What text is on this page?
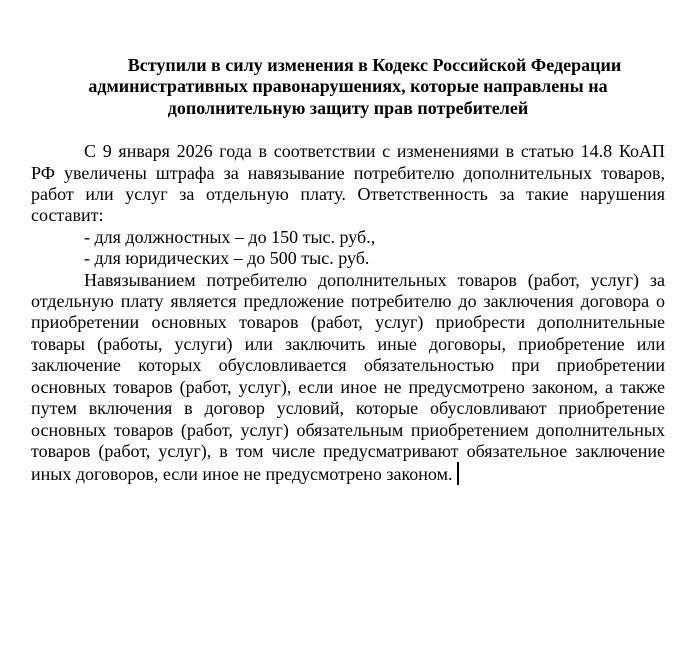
Вступили в силу изменения в Кодекс Российской Федерации административных правонарушениях, которые направлены на дополнительную защиту прав потребителей

С 9 января 2026 года в соответствии с изменениями в статью 14.8 КоАП РФ увеличены штрафа за навязывание потребителю дополнительных товаров, работ или услуг за отдельную плату. Ответственность за такие нарушения составит:

- для должностных – до 150 тыс. руб.,

- для юридических – до 500 тыс. руб.

Навязыванием потребителю дополнительных товаров (работ, услуг) за отдельную плату является предложение потребителю до заключения договора о приобретении основных товаров (работ, услуг) приобрести дополнительные товары (работы, услуги) или заключить иные договоры, приобретение или заключение которых обусловливается обязательностью при приобретении основных товаров (работ, услуг), если иное не предусмотрено законом, а также путем включения в договор условий, которые обусловливают приобретение основных товаров (работ, услуг) обязательным приобретением дополнительных товаров (работ, услуг), в том числе предусматривают обязательное заключение иных договоров, если иное не предусмотрено законом.
